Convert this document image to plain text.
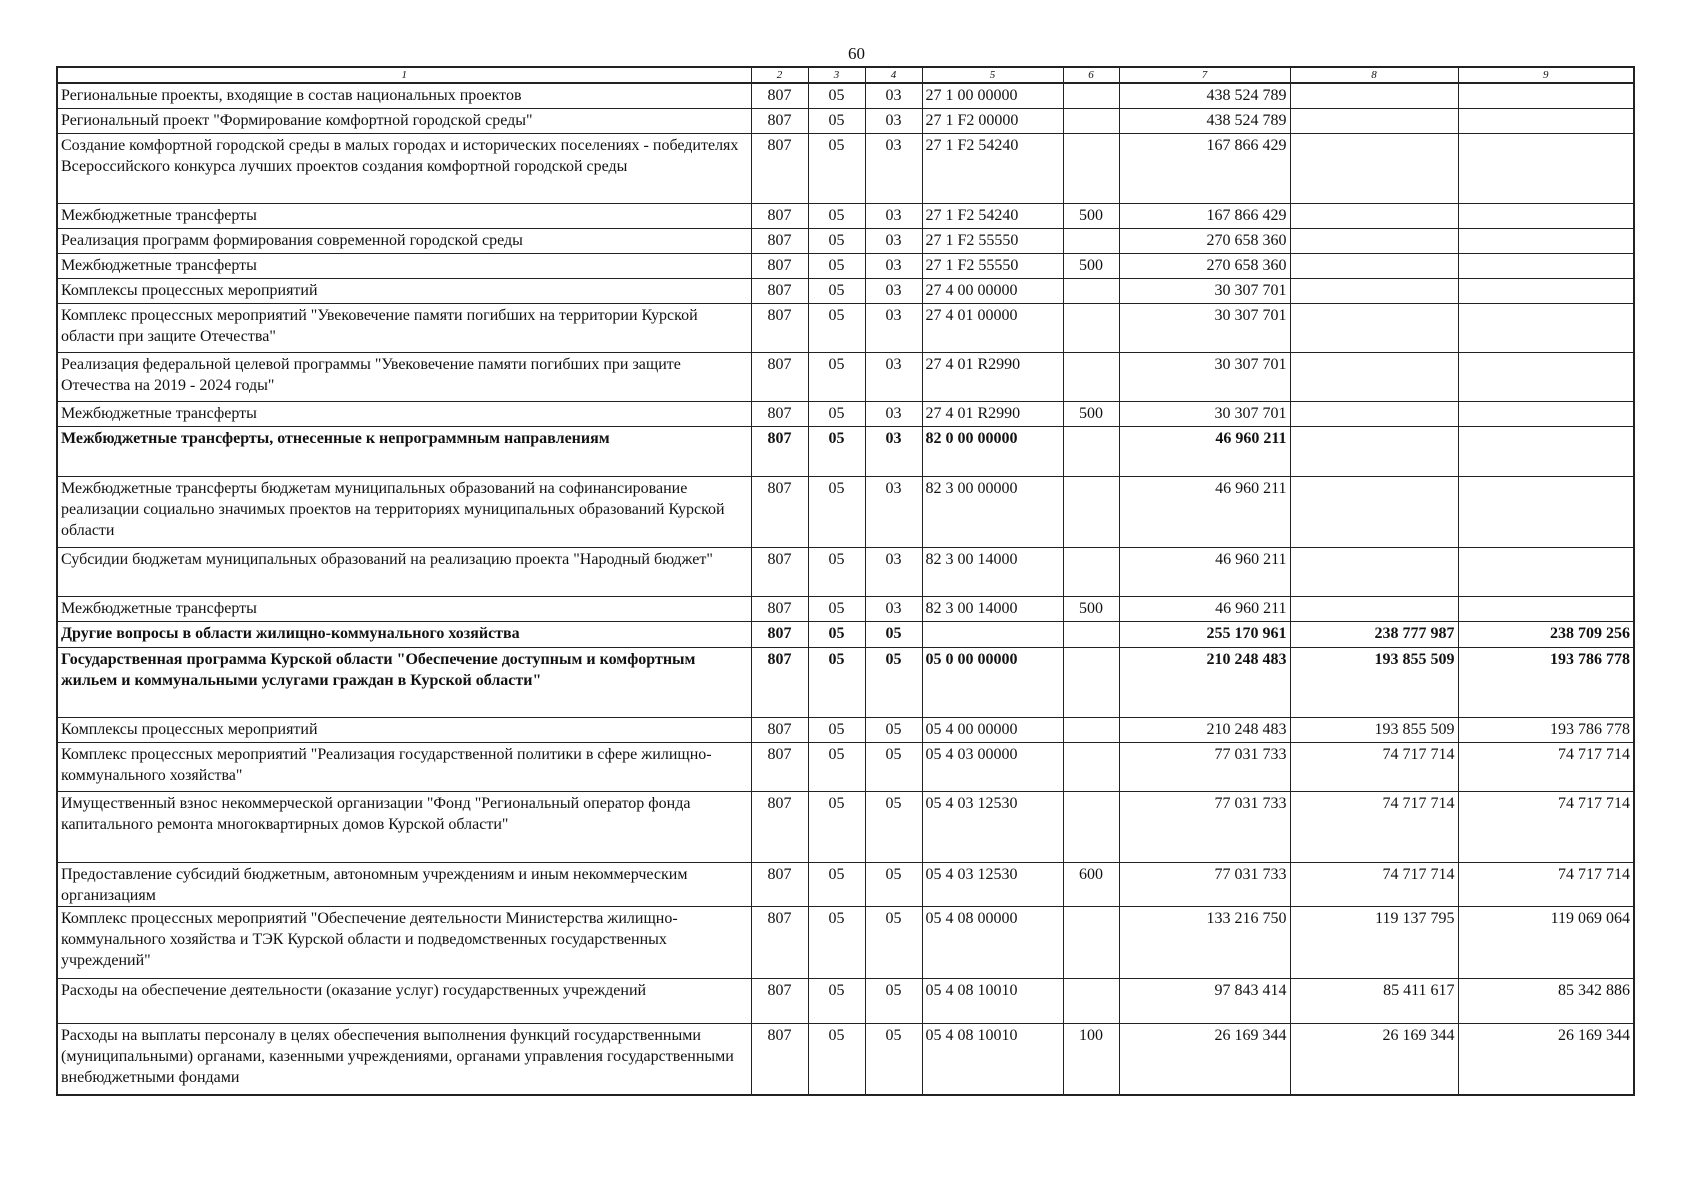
60
1	2	3	4	5	6	7	8	9
Региональные проекты, входящие в состав национальных проектов	807	05	03	27 1 00 00000		438 524 789		
Региональный проект "Формирование комфортной городской среды"	807	05	03	27 1 F2 00000		438 524 789		
Создание комфортной городской среды в малых городах и исторических поселениях - победителях Всероссийского конкурса лучших проектов создания комфортной городской среды	807	05	03	27 1 F2 54240		167 866 429		
Межбюджетные трансферты	807	05	03	27 1 F2 54240	500	167 866 429		
Реализация программ формирования современной городской среды	807	05	03	27 1 F2 55550		270 658 360		
Межбюджетные трансферты	807	05	03	27 1 F2 55550	500	270 658 360		
Комплексы процессных мероприятий	807	05	03	27 4 00 00000		30 307 701		
Комплекс процессных мероприятий "Увековечение памяти погибших на территории Курской области при защите Отечества"	807	05	03	27 4 01 00000		30 307 701		
Реализация федеральной целевой программы "Увековечение памяти погибших при защите Отечества на 2019 - 2024 годы"	807	05	03	27 4 01 R2990		30 307 701		
Межбюджетные трансферты	807	05	03	27 4 01 R2990	500	30 307 701		
Межбюджетные трансферты, отнесенные к непрограммным направлениям	807	05	03	82 0 00 00000		46 960 211		
Межбюджетные трансферты бюджетам муниципальных образований на софинансирование реализации социально значимых проектов на территориях муниципальных образований Курской области	807	05	03	82 3 00 00000		46 960 211		
Субсидии бюджетам муниципальных образований на реализацию проекта "Народный бюджет"	807	05	03	82 3 00 14000		46 960 211		
Межбюджетные трансферты	807	05	03	82 3 00 14000	500	46 960 211		
Другие вопросы в области жилищно-коммунального хозяйства	807	05	05			255 170 961	238 777 987	238 709 256
Государственная программа Курской области "Обеспечение доступным и комфортным жильем и коммунальными услугами граждан в Курской области"	807	05	05	05 0 00 00000		210 248 483	193 855 509	193 786 778
Комплексы процессных мероприятий	807	05	05	05 4 00 00000		210 248 483	193 855 509	193 786 778
Комплекс процессных мероприятий "Реализация государственной политики в сфере жилищно-коммунального хозяйства"	807	05	05	05 4 03 00000		77 031 733	74 717 714	74 717 714
Имущественный взнос некоммерческой организации "Фонд "Региональный оператор фонда капитального ремонта многоквартирных домов Курской области"	807	05	05	05 4 03 12530		77 031 733	74 717 714	74 717 714
Предоставление субсидий бюджетным, автономным учреждениям и иным некоммерческим организациям	807	05	05	05 4 03 12530	600	77 031 733	74 717 714	74 717 714
Комплекс процессных мероприятий "Обеспечение деятельности Министерства жилищно-коммунального хозяйства и ТЭК Курской области и подведомственных государственных учреждений"	807	05	05	05 4 08 00000		133 216 750	119 137 795	119 069 064
Расходы на обеспечение деятельности (оказание услуг) государственных учреждений	807	05	05	05 4 08 10010		97 843 414	85 411 617	85 342 886
Расходы на выплаты персоналу в целях обеспечения выполнения функций государственными (муниципальными) органами, казенными учреждениями, органами управления государственными внебюджетными фондами	807	05	05	05 4 08 10010	100	26 169 344	26 169 344	26 169 344
